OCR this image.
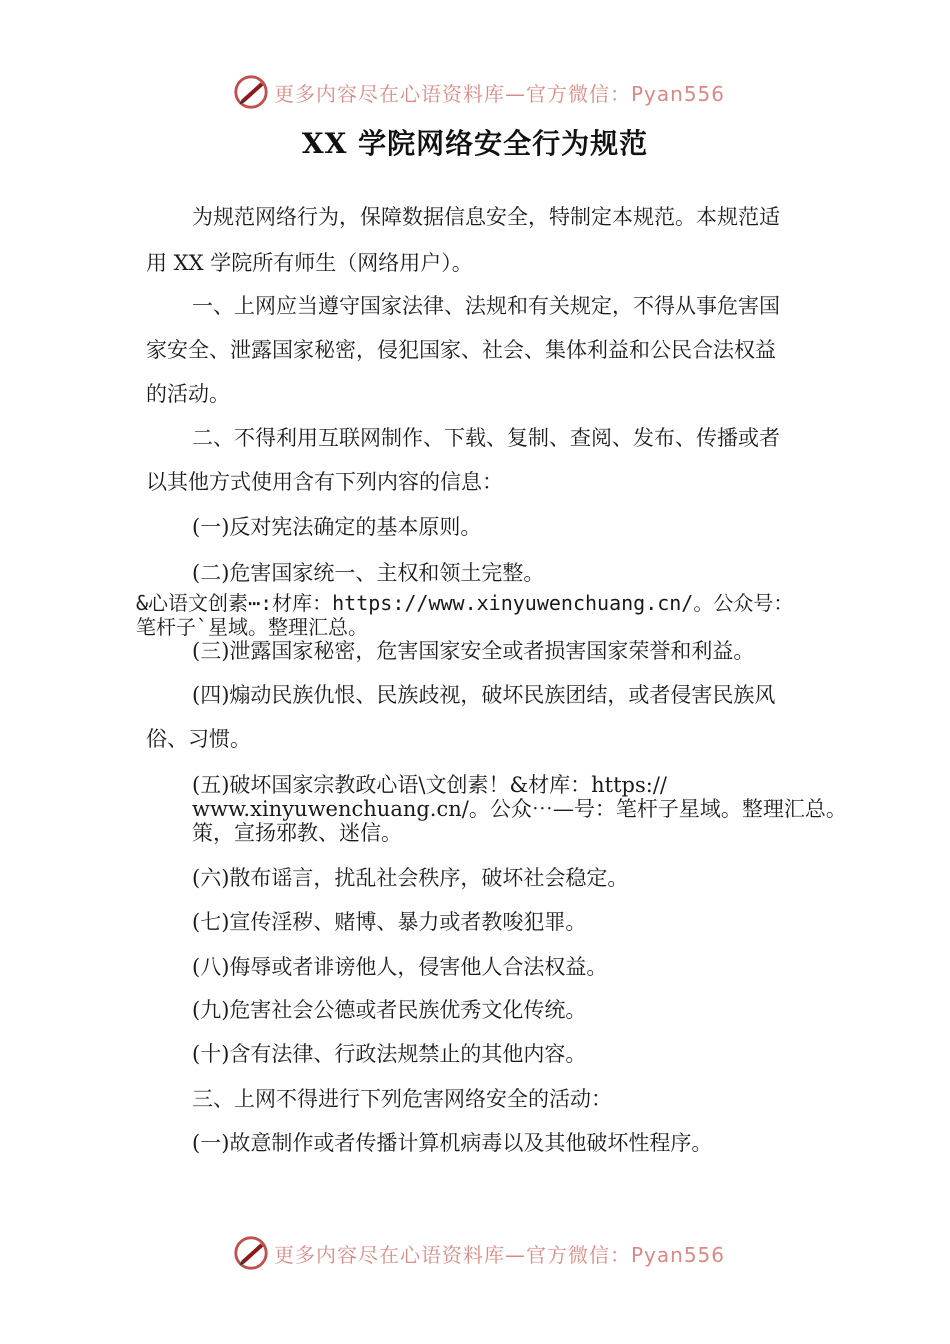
更多内容尽在心语资料库—官方微信：Pyan556
XX 学院网络安全行为规范
为规范网络行为，保障数据信息安全，特制定本规范。本规范适
用 XX 学院所有师生（网络用户）。
一、上网应当遵守国家法律、法规和有关规定，不得从事危害国
家安全、泄露国家秘密，侵犯国家、社会、集体利益和公民合法权益
的活动。
二、不得利用互联网制作、下载、复制、查阅、发布、传播或者
以其他方式使用含有下列内容的信息：
(一)反对宪法确定的基本原则。
(二)危害国家统一、主权和领土完整。
&心语文创素⋯:材库：https://www.xinyuwenchuang.cn/。公众号：
笔杆子`星域。整理汇总。
(三)泄露国家秘密，危害国家安全或者损害国家荣誉和利益。
(四)煽动民族仇恨、民族歧视，破坏民族团结，或者侵害民族风
俗、习惯。
(五)破坏国家宗教政心语\文创素！&材库：https://
www.xinyuwenchuang.cn/。公众⋯—号：笔杆子星域。整理汇总。
策，宣扬邪教、迷信。
(六)散布谣言，扰乱社会秩序，破坏社会稳定。
(七)宣传淫秽、赌博、暴力或者教唆犯罪。
(八)侮辱或者诽谤他人，侵害他人合法权益。
(九)危害社会公德或者民族优秀文化传统。
(十)含有法律、行政法规禁止的其他内容。
三、上网不得进行下列危害网络安全的活动：
(一)故意制作或者传播计算机病毒以及其他破坏性程序。
更多内容尽在心语资料库—官方微信：Pyan556
